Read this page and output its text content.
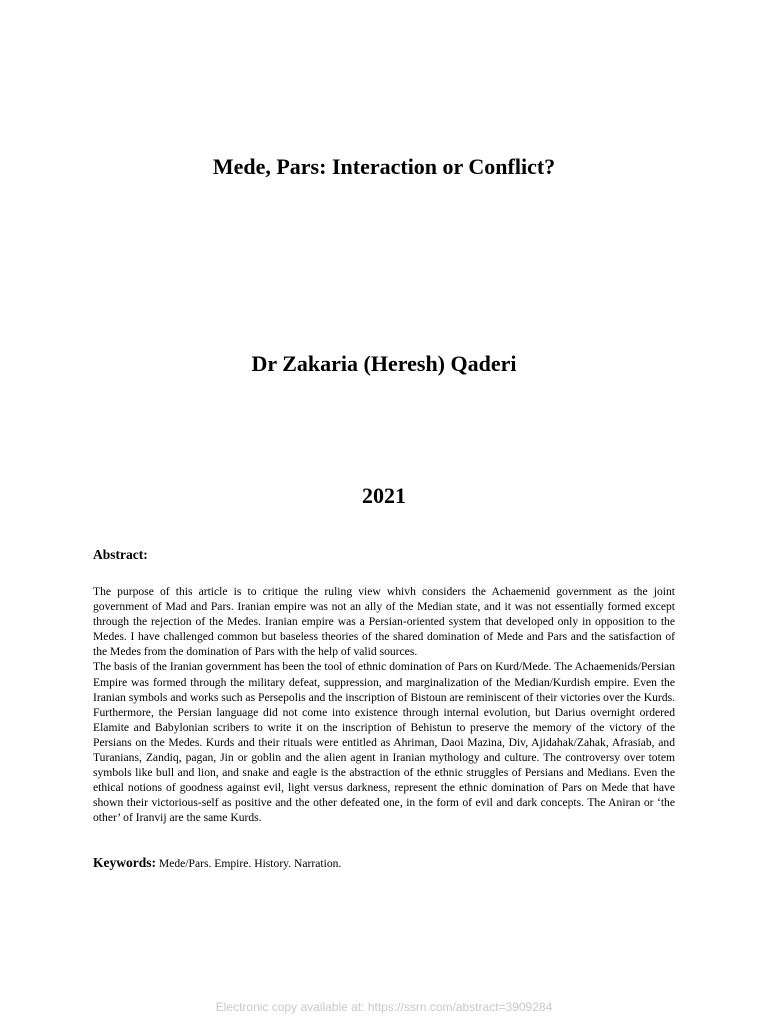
Mede, Pars: Interaction or Conflict?
Dr Zakaria (Heresh) Qaderi
2021
Abstract:

The purpose of this article is to critique the ruling view whivh considers the Achaemenid government as the joint government of Mad and Pars. Iranian empire was not an ally of the Median state, and it was not essentially formed except through the rejection of the Medes. Iranian empire was a Persian-oriented system that developed only in opposition to the Medes. I have challenged common but baseless theories of the shared domination of Mede and Pars and the satisfaction of the Medes from the domination of Pars with the help of valid sources.

The basis of the Iranian government has been the tool of ethnic domination of Pars on Kurd/Mede. The Achaemenids/Persian Empire was formed through the military defeat, suppression, and marginalization of the Median/Kurdish empire. Even the Iranian symbols and works such as Persepolis and the inscription of Bistoun are reminiscent of their victories over the Kurds. Furthermore, the Persian language did not come into existence through internal evolution, but Darius overnight ordered Elamite and Babylonian scribers to write it on the inscription of Behistun to preserve the memory of the victory of the Persians on the Medes. Kurds and their rituals were entitled as Ahriman, Daoi Mazina, Div, Ajidahak/Zahak, Afrasiab, and Turanians, Zandiq, pagan, Jin or goblin and the alien agent in Iranian mythology and culture. The controversy over totem symbols like bull and lion, and snake and eagle is the abstraction of the ethnic struggles of Persians and Medians. Even the ethical notions of goodness against evil, light versus darkness, represent the ethnic domination of Pars on Mede that have shown their victorious-self as positive and the other defeated one, in the form of evil and dark concepts. The Aniran or ‘the other’ of Iranvij are the same Kurds.

Keywords: Mede/Pars. Empire. History. Narration.

Electronic copy available at: https://ssrn.com/abstract=3909284
